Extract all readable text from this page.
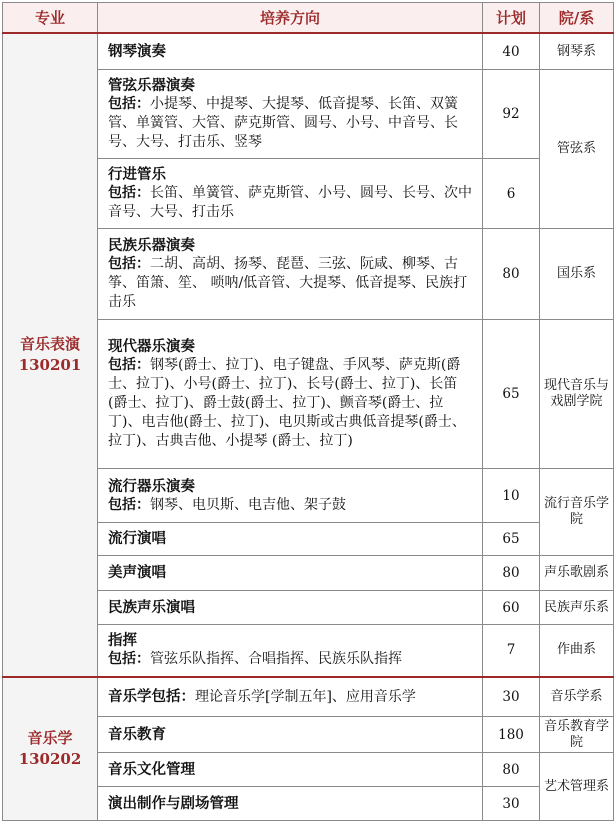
专业	培养方向	计划	院/系

音乐表演
130201	钢琴演奏	40	钢琴系

	管弦乐器演奏
包括：小提琴、中提琴、大提琴、低音提琴、长笛、双簧管、单簧管、大管、萨克斯管、圆号、小号、中音号、长号、大号、打击乐、竖琴	92	管弦系

	行进管乐
包括：长笛、单簧管、萨克斯管、小号、圆号、长号、次中音号、大号、打击乐	6	

	民族乐器演奏
包括：二胡、高胡、扬琴、琵琶、三弦、阮咸、柳琴、古筝、笛箫、笙、 唢呐/低音管、大提琴、低音提琴、民族打击乐	80	国乐系

	现代器乐演奏
包括：钢琴(爵士、拉丁)、电子键盘、手风琴、萨克斯(爵士、拉丁)、小号(爵士、拉丁)、长号(爵士、拉丁)、长笛(爵士、拉丁)、爵士鼓(爵士、拉丁)、颤音琴(爵士、拉丁)、电吉他(爵士、拉丁)、电贝斯或古典低音提琴(爵士、拉丁)、古典吉他、小提琴 (爵士、拉丁)	65	现代音乐与戏剧学院

	流行器乐演奏
包括：钢琴、电贝斯、电吉他、架子鼓	10	流行音乐学院
	流行演唱	65	
	美声演唱	80	声乐歌剧系
	民族声乐演唱	60	民族声乐系

	指挥
包括：管弦乐队指挥、合唱指挥、民族乐队指挥	7	作曲系

音乐学
130202	音乐学包括：理论音乐学[学制五年]、应用音乐学	30	音乐学系
	音乐教育	180	音乐教育学院
	音乐文化管理	80	艺术管理系
	演出制作与剧场管理	30	
